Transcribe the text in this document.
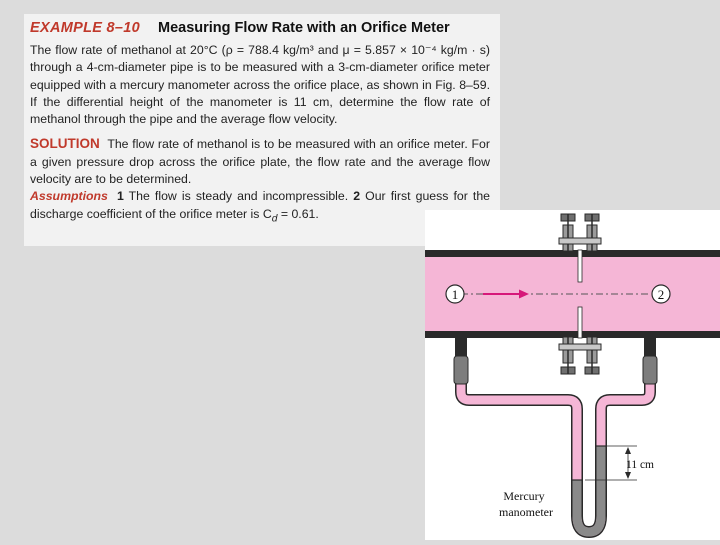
EXAMPLE 8–10	Measuring Flow Rate with an Orifice Meter

The flow rate of methanol at 20°C (ρ = 788.4 kg/m³ and μ = 5.857 × 10⁻⁴ kg/m · s) through a 4-cm-diameter pipe is to be measured with a 3-cm-diameter orifice meter equipped with a mercury manometer across the orifice place, as shown in Fig. 8–59. If the differential height of the manometer is 11 cm, determine the flow rate of methanol through the pipe and the average flow velocity.

SOLUTION The flow rate of methanol is to be measured with an orifice meter. For a given pressure drop across the orifice plate, the flow rate and the average flow velocity are to be determined.

Assumptions 1 The flow is steady and incompressible. 2 Our first guess for the discharge coefficient of the orifice meter is $C_d = 0.61$.

1	2
11 cm
Mercury
manometer
